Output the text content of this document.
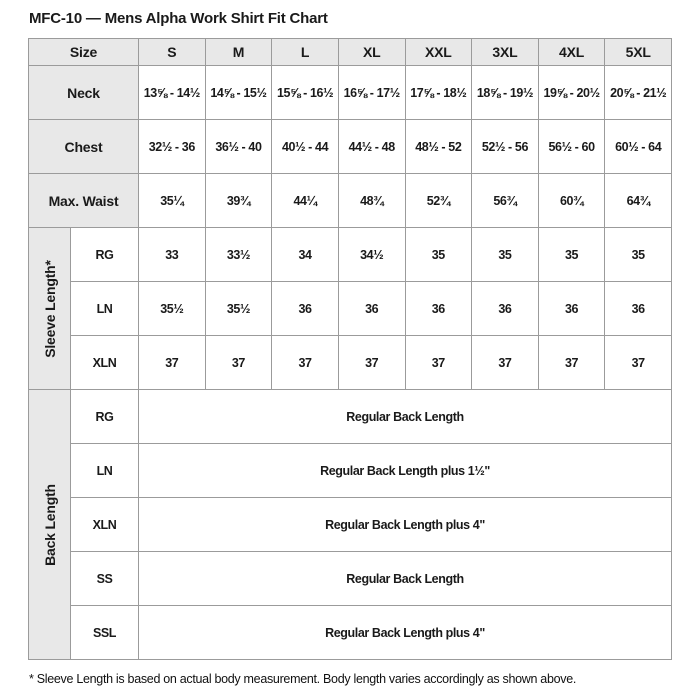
MFC-10 — Mens Alpha Work Shirt Fit Chart
Size		S	M	L	XL	XXL	3XL	4XL	5XL
Neck		13⅝ - 14½	14⅝ - 15½	15⅝ - 16½	16⅝ - 17½	17⅝ - 18½	18⅝ - 19½	19⅝ - 20½	20⅝ - 21½
Chest		32½ - 36	36½ - 40	40½ - 44	44½ - 48	48½ - 52	52½ - 56	56½ - 60	60½ - 64
Max. Waist		35¼	39¾	44¼	48¾	52¾	56¾	60¾	64¾

Sleeve Length*	RG	33	33½	34	34½	35	35	35	35
	LN	35½	35½	36	36	36	36	36	36
	XLN	37	37	37	37	37	37	37	37

Back Length	RG	Regular Back Length							
	LN	Regular Back Length plus 1½"							
	XLN	Regular Back Length plus 4"							
	SS	Regular Back Length							
	SSL	Regular Back Length plus 4"							

* Sleeve Length is based on actual body measurement. Body length varies accordingly as shown above.
